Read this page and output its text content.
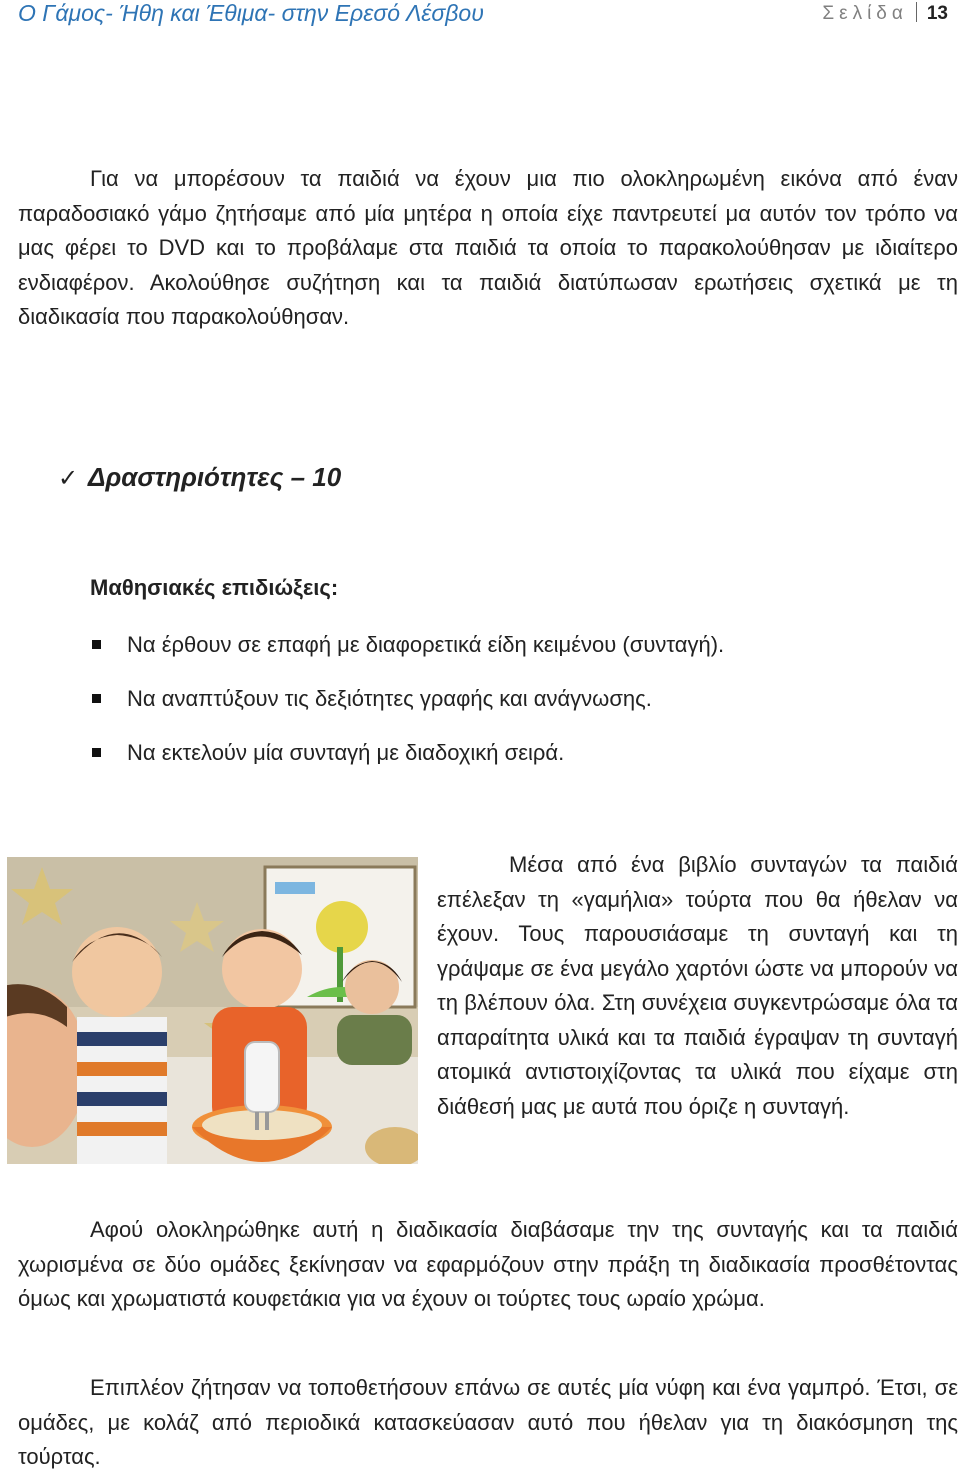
Ο Γάμος- Ήθη και Έθιμα- στην Ερεσό Λέσβου	Σελίδα 13

Για να μπορέσουν τα παιδιά να έχουν μια πιο ολοκληρωμένη εικόνα από έναν παραδοσιακό γάμο ζητήσαμε από μία μητέρα η οποία είχε παντρευτεί μα αυτόν τον τρόπο να μας φέρει το DVD και το προβάλαμε στα παιδιά τα οποία το παρακολούθησαν με ιδιαίτερο ενδιαφέρον. Ακολούθησε συζήτηση και τα παιδιά διατύπωσαν ερωτήσεις σχετικά με τη διαδικασία που παρακολούθησαν.

✓ Δραστηριότητες – 10
Μαθησιακές επιδιώξεις:
Να έρθουν σε επαφή με διαφορετικά είδη κειμένου (συνταγή).
Να αναπτύξουν τις δεξιότητες γραφής και ανάγνωσης.
Να εκτελούν μία συνταγή με διαδοχική σειρά.

Μέσα από ένα βιβλίο συνταγών τα παιδιά επέλεξαν τη «γαμήλια» τούρτα που θα ήθελαν να έχουν. Τους παρουσιάσαμε τη συνταγή και τη γράψαμε σε ένα μεγάλο χαρτόνι ώστε να μπορούν να τη βλέπουν όλα. Στη συνέχεια συγκεντρώσαμε όλα τα απαραίτητα υλικά και τα παιδιά έγραψαν τη συνταγή ατομικά αντιστοιχίζοντας τα υλικά που είχαμε στη διάθεσή μας με αυτά που όριζε η συνταγή.

Αφού ολοκληρώθηκε αυτή η διαδικασία διαβάσαμε την της συνταγής και τα παιδιά χωρισμένα σε δύο ομάδες ξεκίνησαν να εφαρμόζουν στην πράξη τη διαδικασία προσθέτοντας όμως και χρωματιστά κουφετάκια για να έχουν οι τούρτες τους ωραίο χρώμα.

Επιπλέον ζήτησαν να τοποθετήσουν επάνω σε αυτές μία νύφη και ένα γαμπρό. Έτσι, σε ομάδες, με κολάζ από περιοδικά κατασκεύασαν αυτό που ήθελαν για τη διακόσμηση της τούρτας.
